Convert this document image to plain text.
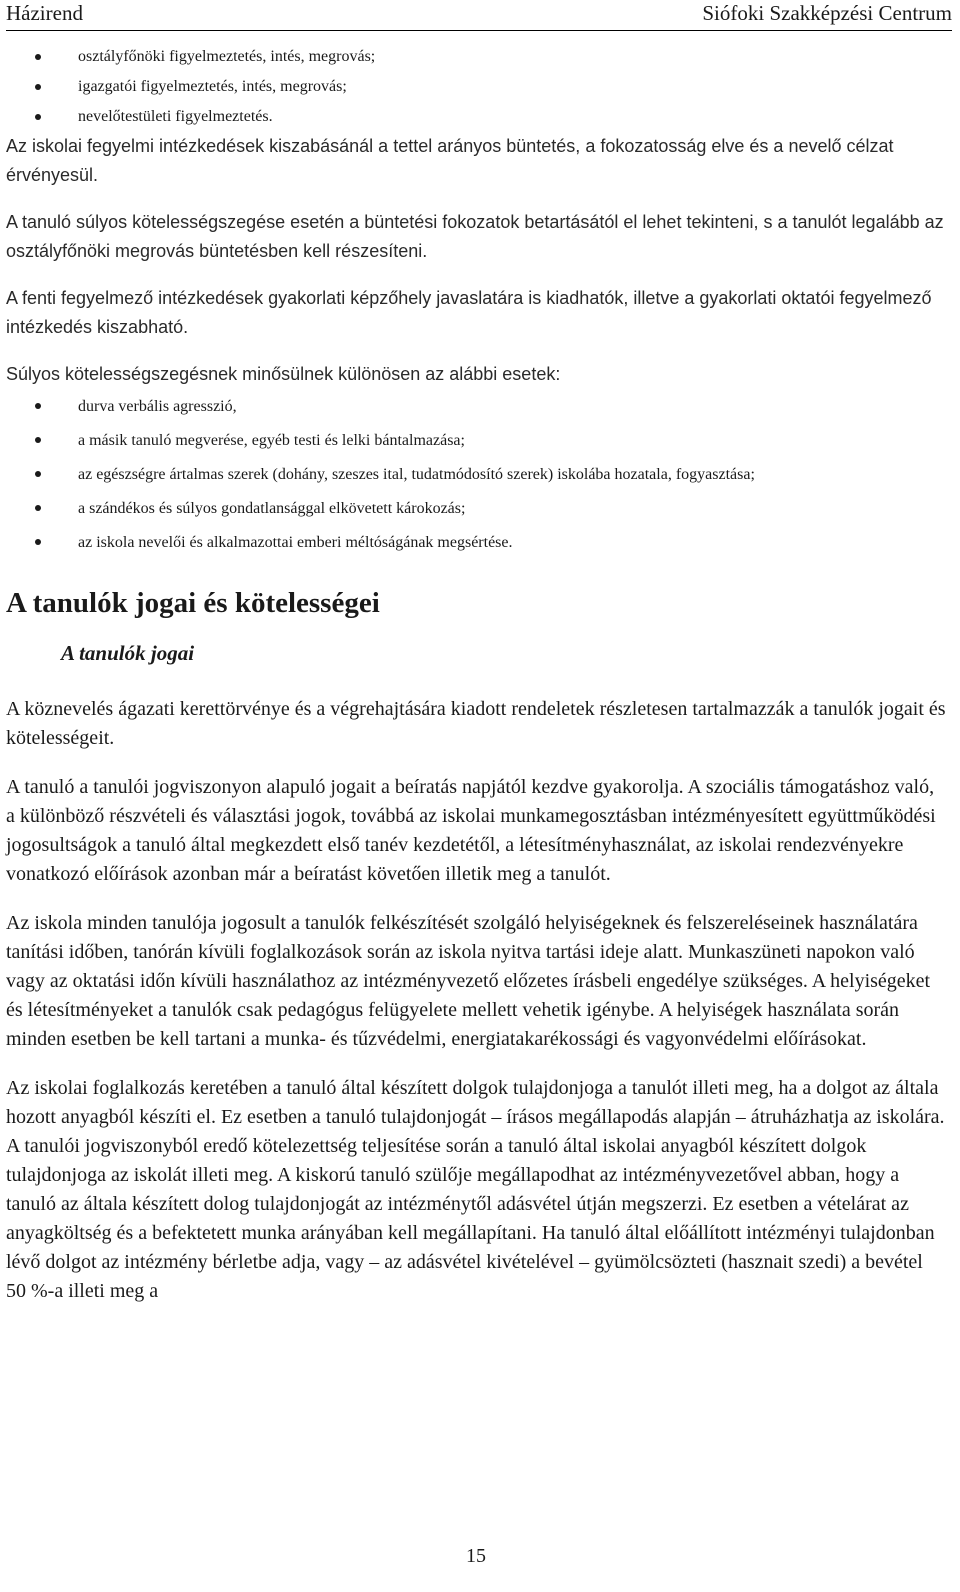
Házirend	Siófoki Szakképzési Centrum
osztályfőnöki figyelmeztetés, intés, megrovás;
igazgatói figyelmeztetés, intés, megrovás;
nevelőtestületi figyelmeztetés.

Az iskolai fegyelmi intézkedések kiszabásánál a tettel arányos büntetés, a fokozatosság elve és a nevelő célzat érvényesül.

A tanuló súlyos kötelességszegése esetén a büntetési fokozatok betartásától el lehet tekinteni, s a tanulót legalább az osztályfőnöki megrovás büntetésben kell részesíteni.

A fenti fegyelmező intézkedések gyakorlati képzőhely javaslatára is kiadhatók, illetve a gyakorlati oktatói fegyelmező intézkedés kiszabható.

Súlyos kötelességszegésnek minősülnek különösen az alábbi esetek:

durva verbális agresszió,
a másik tanuló megverése, egyéb testi és lelki bántalmazása;
az egészségre ártalmas szerek (dohány, szeszes ital, tudatmódosító szerek) iskolába hozatala, fogyasztása;
a szándékos és súlyos gondatlansággal elkövetett károkozás;
az iskola nevelői és alkalmazottai emberi méltóságának megsértése.
A tanulók jogai és kötelességei
A tanulók jogai

A köznevelés ágazati kerettörvénye és a végrehajtására kiadott rendeletek részletesen tartalmazzák a tanulók jogait és kötelességeit.

A tanuló a tanulói jogviszonyon alapuló jogait a beíratás napjától kezdve gyakorolja. A szociális támogatáshoz való, a különböző részvételi és választási jogok, továbbá az iskolai munkamegosztásban intézményesített együttműködési jogosultságok a tanuló által megkezdett első tanév kezdetétől, a létesítményhasználat, az iskolai rendezvényekre vonatkozó előírások azonban már a beíratást követően illetik meg a tanulót.

Az iskola minden tanulója jogosult a tanulók felkészítését szolgáló helyiségeknek és felszereléseinek használatára tanítási időben, tanórán kívüli foglalkozások során az iskola nyitva tartási ideje alatt. Munkaszüneti napokon való vagy az oktatási időn kívüli használathoz az intézményvezető előzetes írásbeli engedélye szükséges. A helyiségeket és létesítményeket a tanulók csak pedagógus felügyelete mellett vehetik igénybe. A helyiségek használata során minden esetben be kell tartani a munka- és tűzvédelmi, energiatakarékossági és vagyonvédelmi előírásokat.

Az iskolai foglalkozás keretében a tanuló által készített dolgok tulajdonjoga a tanulót illeti meg, ha a dolgot az általa hozott anyagból készíti el. Ez esetben a tanuló tulajdonjogát – írásos megállapodás alapján – átruházhatja az iskolára. A tanulói jogviszonyból eredő kötelezettség teljesítése során a tanuló által iskolai anyagból készített dolgok tulajdonjoga az iskolát illeti meg. A kiskorú tanuló szülője megállapodhat az intézményvezetővel abban, hogy a tanuló az általa készített dolog tulajdonjogát az intézménytől adásvétel útján megszerzi. Ez esetben a vételárat az anyagköltség és a befektetett munka arányában kell megállapítani. Ha tanuló által előállított intézményi tulajdonban lévő dolgot az intézmény bérletbe adja, vagy – az adásvétel kivételével – gyümölcsözteti (hasznait szedi) a bevétel 50 %-a illeti meg a

15
